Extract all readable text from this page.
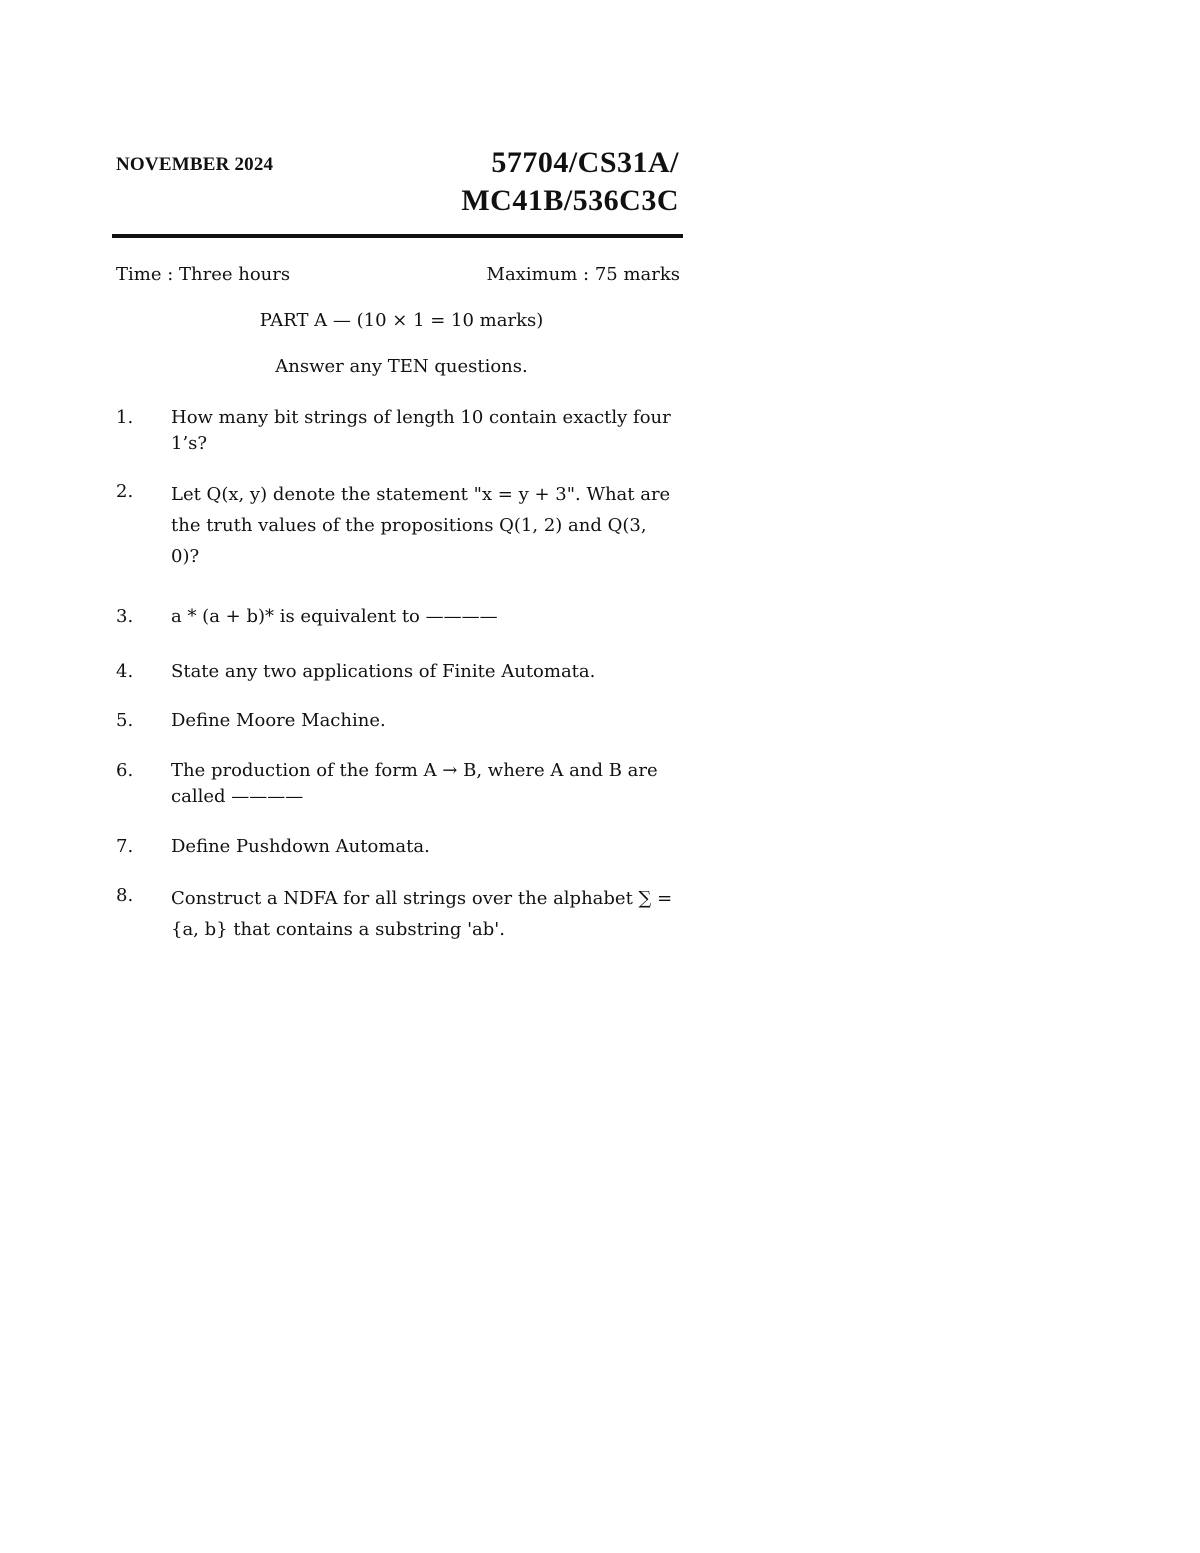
NOVEMBER 2024	57704/CS31A/
MC41B/536C3C
Time : Three hours	Maximum : 75 marks
PART A — (10 × 1 = 10 marks)
Answer any TEN questions.
1. How many bit strings of length 10 contain exactly four 1’s?
2. Let Q(x, y) denote the statement "x = y + 3". What are the truth values of the propositions Q(1, 2) and Q(3, 0)?
3. a * (a + b)* is equivalent to ————
4. State any two applications of Finite Automata.
5. Define Moore Machine.
6. The production of the form A → B, where A and B are called ————
7. Define Pushdown Automata.
8. Construct a NDFA for all strings over the alphabet ∑ = {a, b} that contains a substring 'ab'.
